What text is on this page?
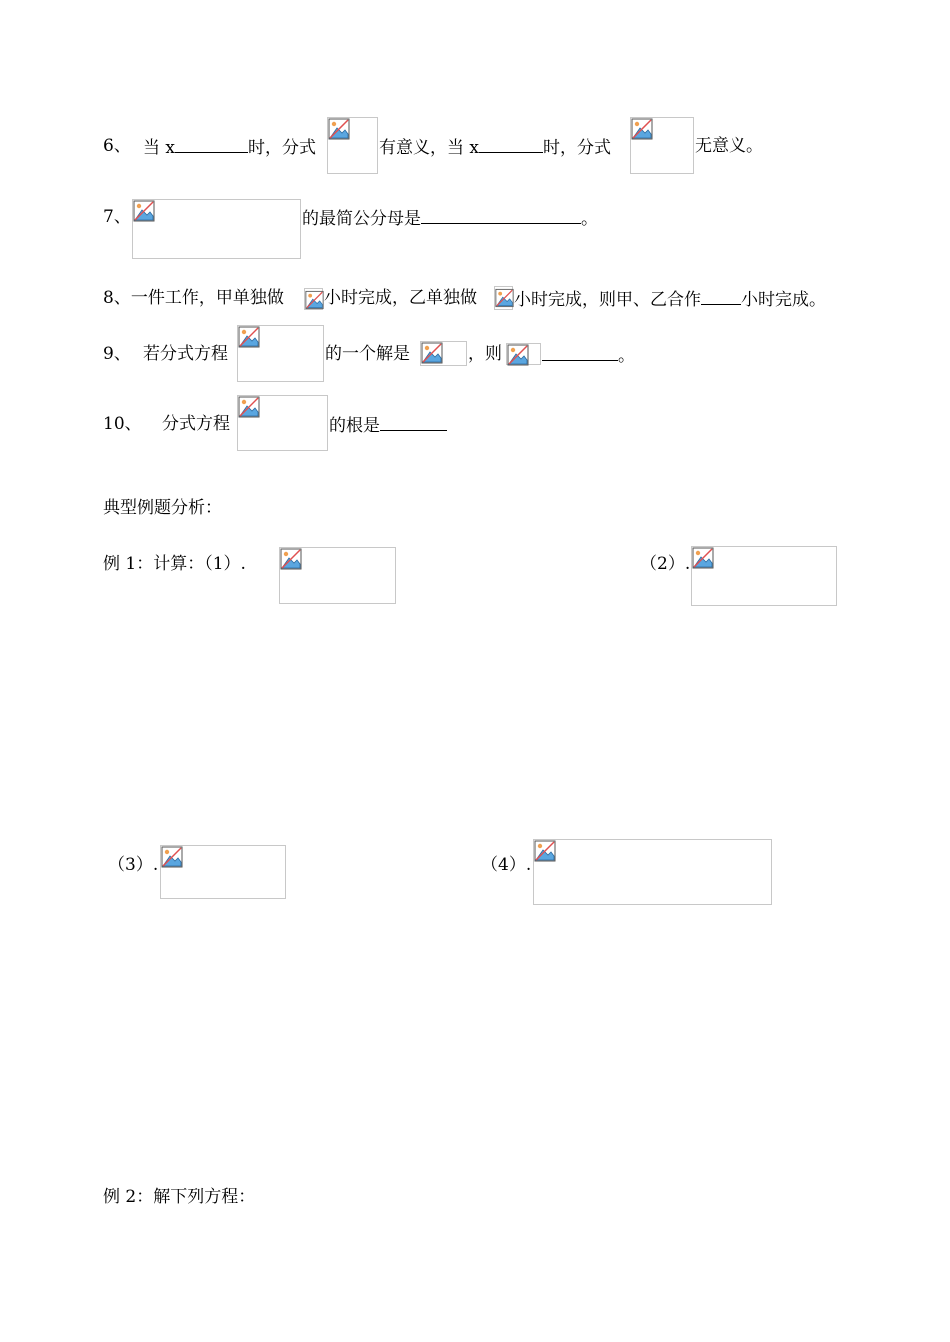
6、 当 x	时，分式	有意义，当 x	时，分式	无意义。
7、	的最简公分母是	。
8、一件工作，甲单独做 小时完成，乙单独做 小时完成，则甲、乙合作 小时完成。
9、 若分式方程	的一个解是	，则	。
10、 分式方程	的根是
典型例题分析：
例 1：计算：（1）.	（2）.
（3）.	（4）.
例 2：解下列方程：
